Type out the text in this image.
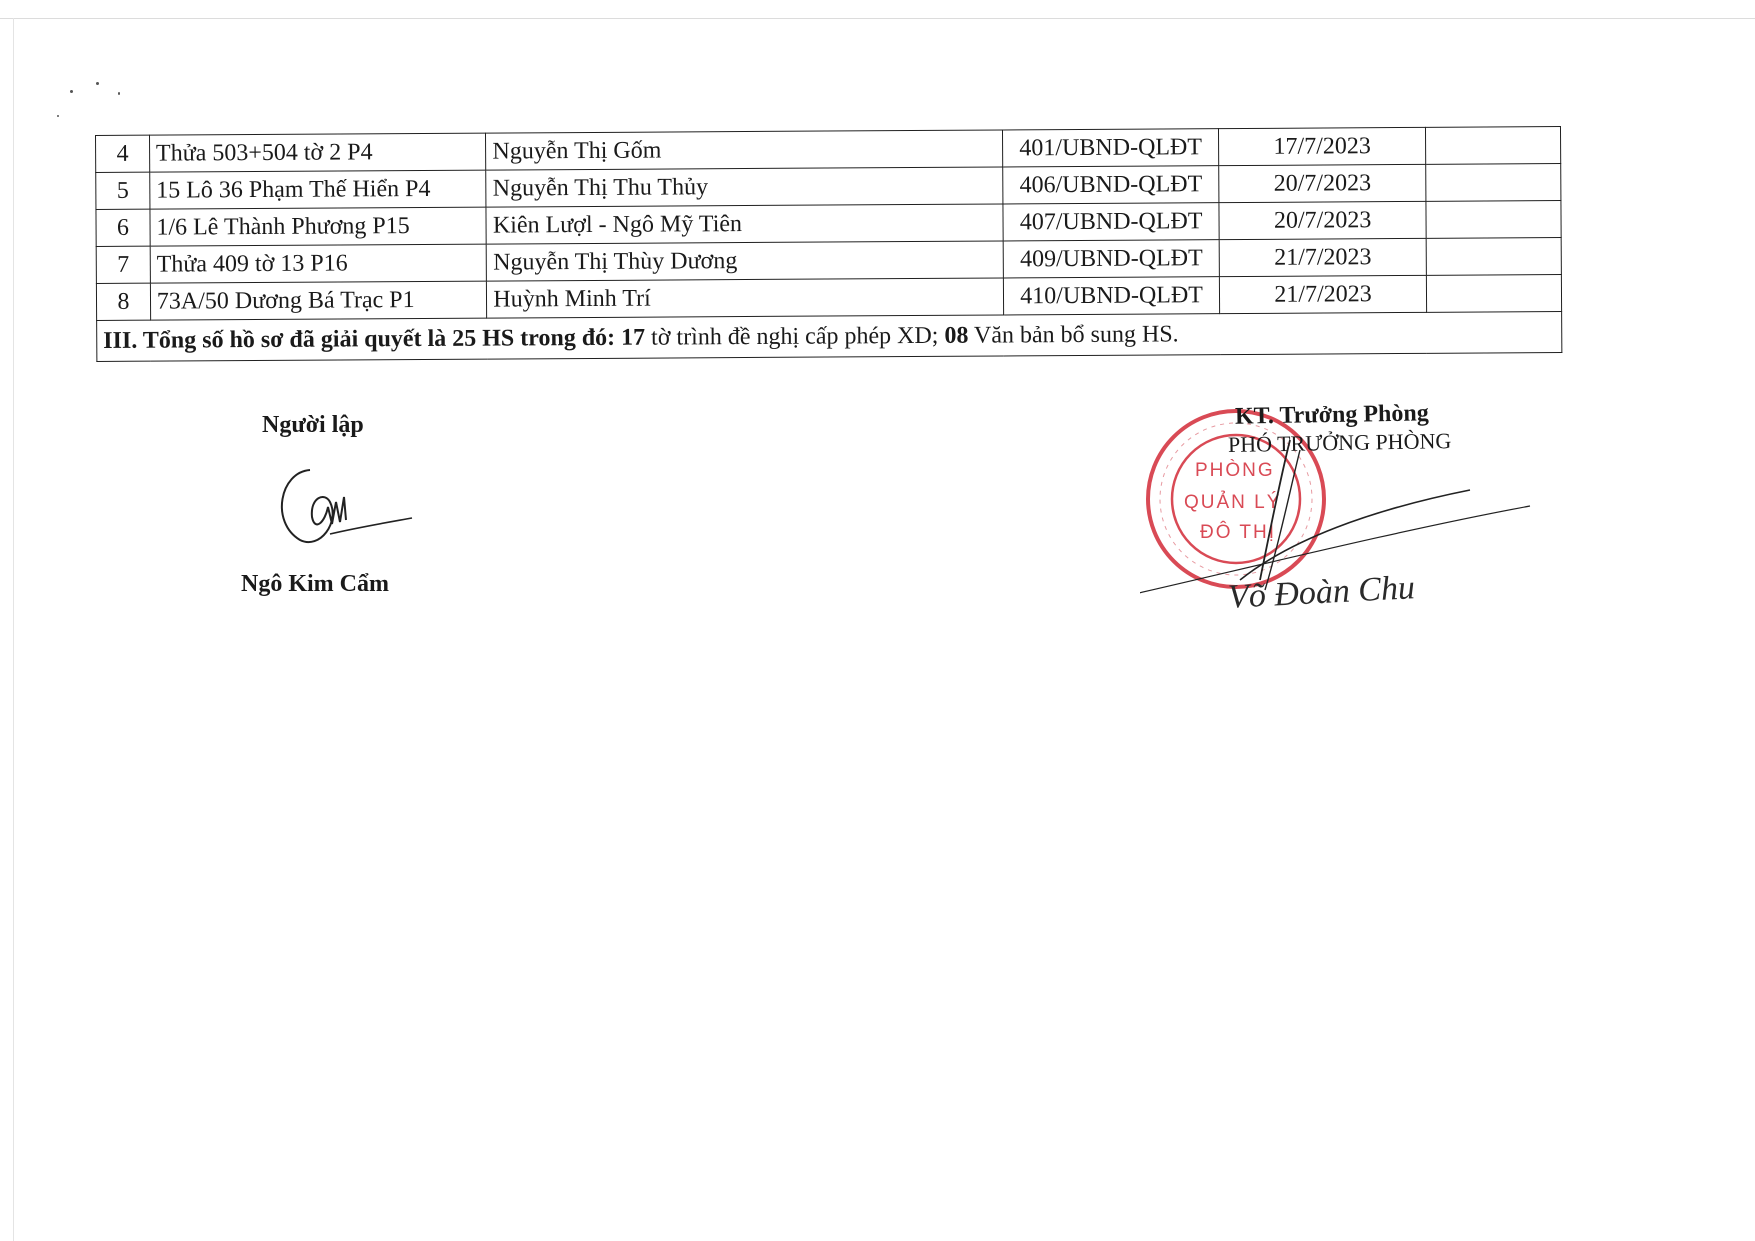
4	Thửa 503+504 tờ 2 P4	Nguyễn Thị Gốm	401/UBND-QLĐT	17/7/2023	
5	15 Lô 36 Phạm Thế Hiển P4	Nguyễn Thị Thu Thủy	406/UBND-QLĐT	20/7/2023	
6	1/6 Lê Thành Phương P15	Kiên Lượl - Ngô Mỹ Tiên	407/UBND-QLĐT	20/7/2023	
7	Thửa 409 tờ 13 P16	Nguyễn Thị Thùy Dương	409/UBND-QLĐT	21/7/2023	
8	73A/50 Dương Bá Trạc P1	Huỳnh Minh Trí	410/UBND-QLĐT	21/7/2023	
III. Tổng số hồ sơ đã giải quyết là 25 HS trong đó: 17 tờ trình đề nghị cấp phép XD; 08 Văn bản bổ sung HS.					
Người lập
Ngô Kim Cẩm
PHÒNG
QUẢN LÝ
ĐÔ THỊ
KT. Trưởng Phòng
PHÓ TRƯỞNG PHÒNG
Võ Đoàn Chu
